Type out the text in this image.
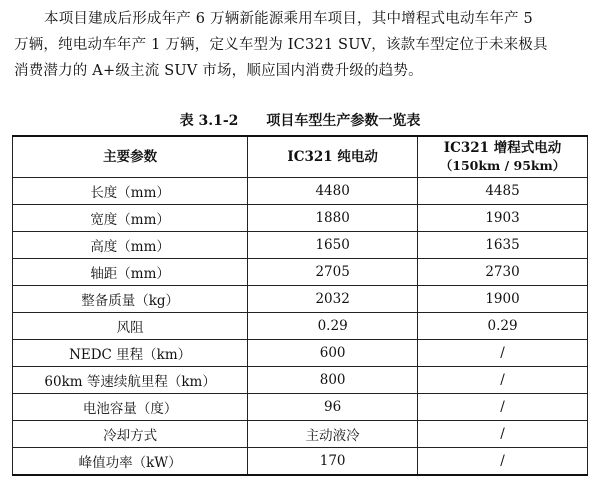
本项目建成后形成年产 6 万辆新能源乘用车项目，其中增程式电动车年产 5
万辆，纯电动车年产 1 万辆，定义车型为 IC321 SUV，该款车型定位于未来极具
消费潜力的 A+级主流 SUV 市场，顺应国内消费升级的趋势。
表 3.1-2 项目车型生产参数一览表
主要参数	IC321 纯电动	IC321 增程式电动
（150km / 95km）

长度（mm）	4480	4485
宽度（mm）	1880	1903
高度（mm）	1650	1635
轴距（mm）	2705	2730
整备质量（kg）	2032	1900
风阻	0.29	0.29
NEDC 里程（km）	600	/
60km 等速续航里程（km）	800	/
电池容量（度）	96	/
冷却方式	主动液冷	/
峰值功率（kW）	170	/
